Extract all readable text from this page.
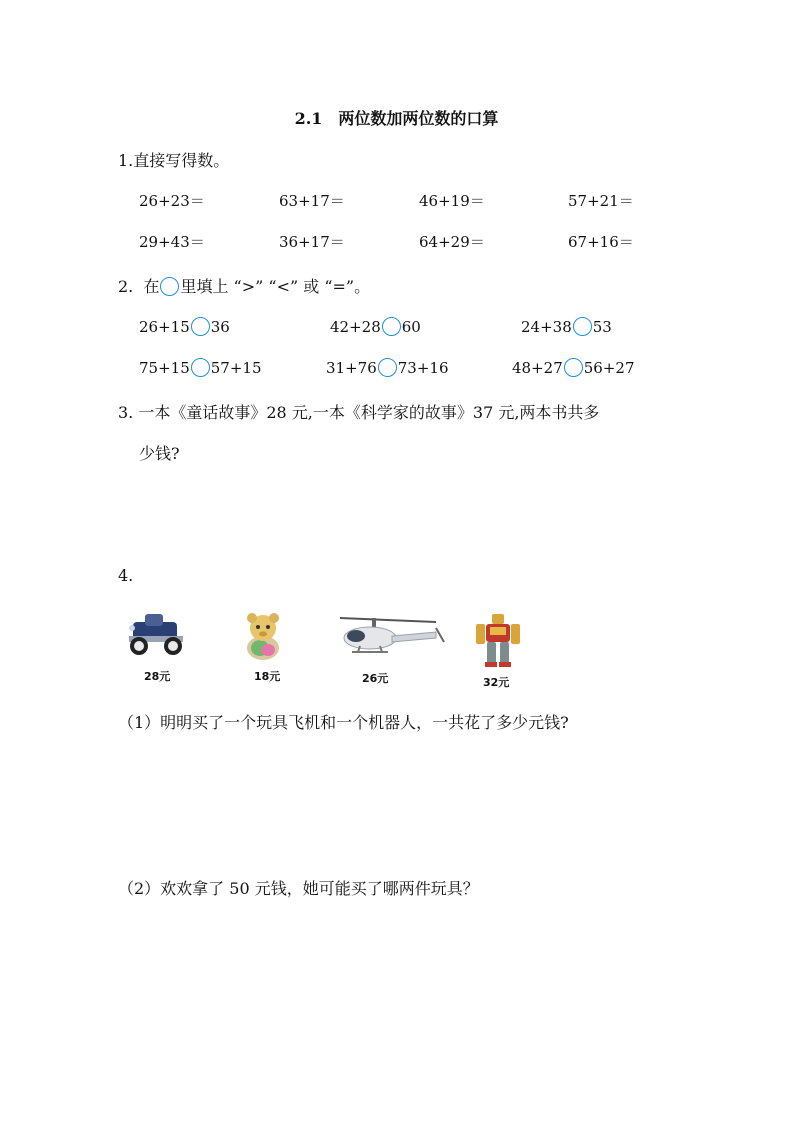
2.1　两位数加两位数的口算
1.直接写得数。
26+23＝	63+17＝	46+19＝	57+21＝
29+43＝	36+17＝	64+29＝	67+16＝
2. 在 里填上 “>” “<” 或 “=”。
26+15 36	42+28 60	24+38 53
75+15 57+15	31+76 73+16	48+27 56+27
3. 一本《童话故事》28 元,一本《科学家的故事》37 元,两本书共多
少钱?
4.
28元	18元	26元	32元
（1）明明买了一个玩具飞机和一个机器人，一共花了多少元钱?
（2）欢欢拿了 50 元钱，她可能买了哪两件玩具？
